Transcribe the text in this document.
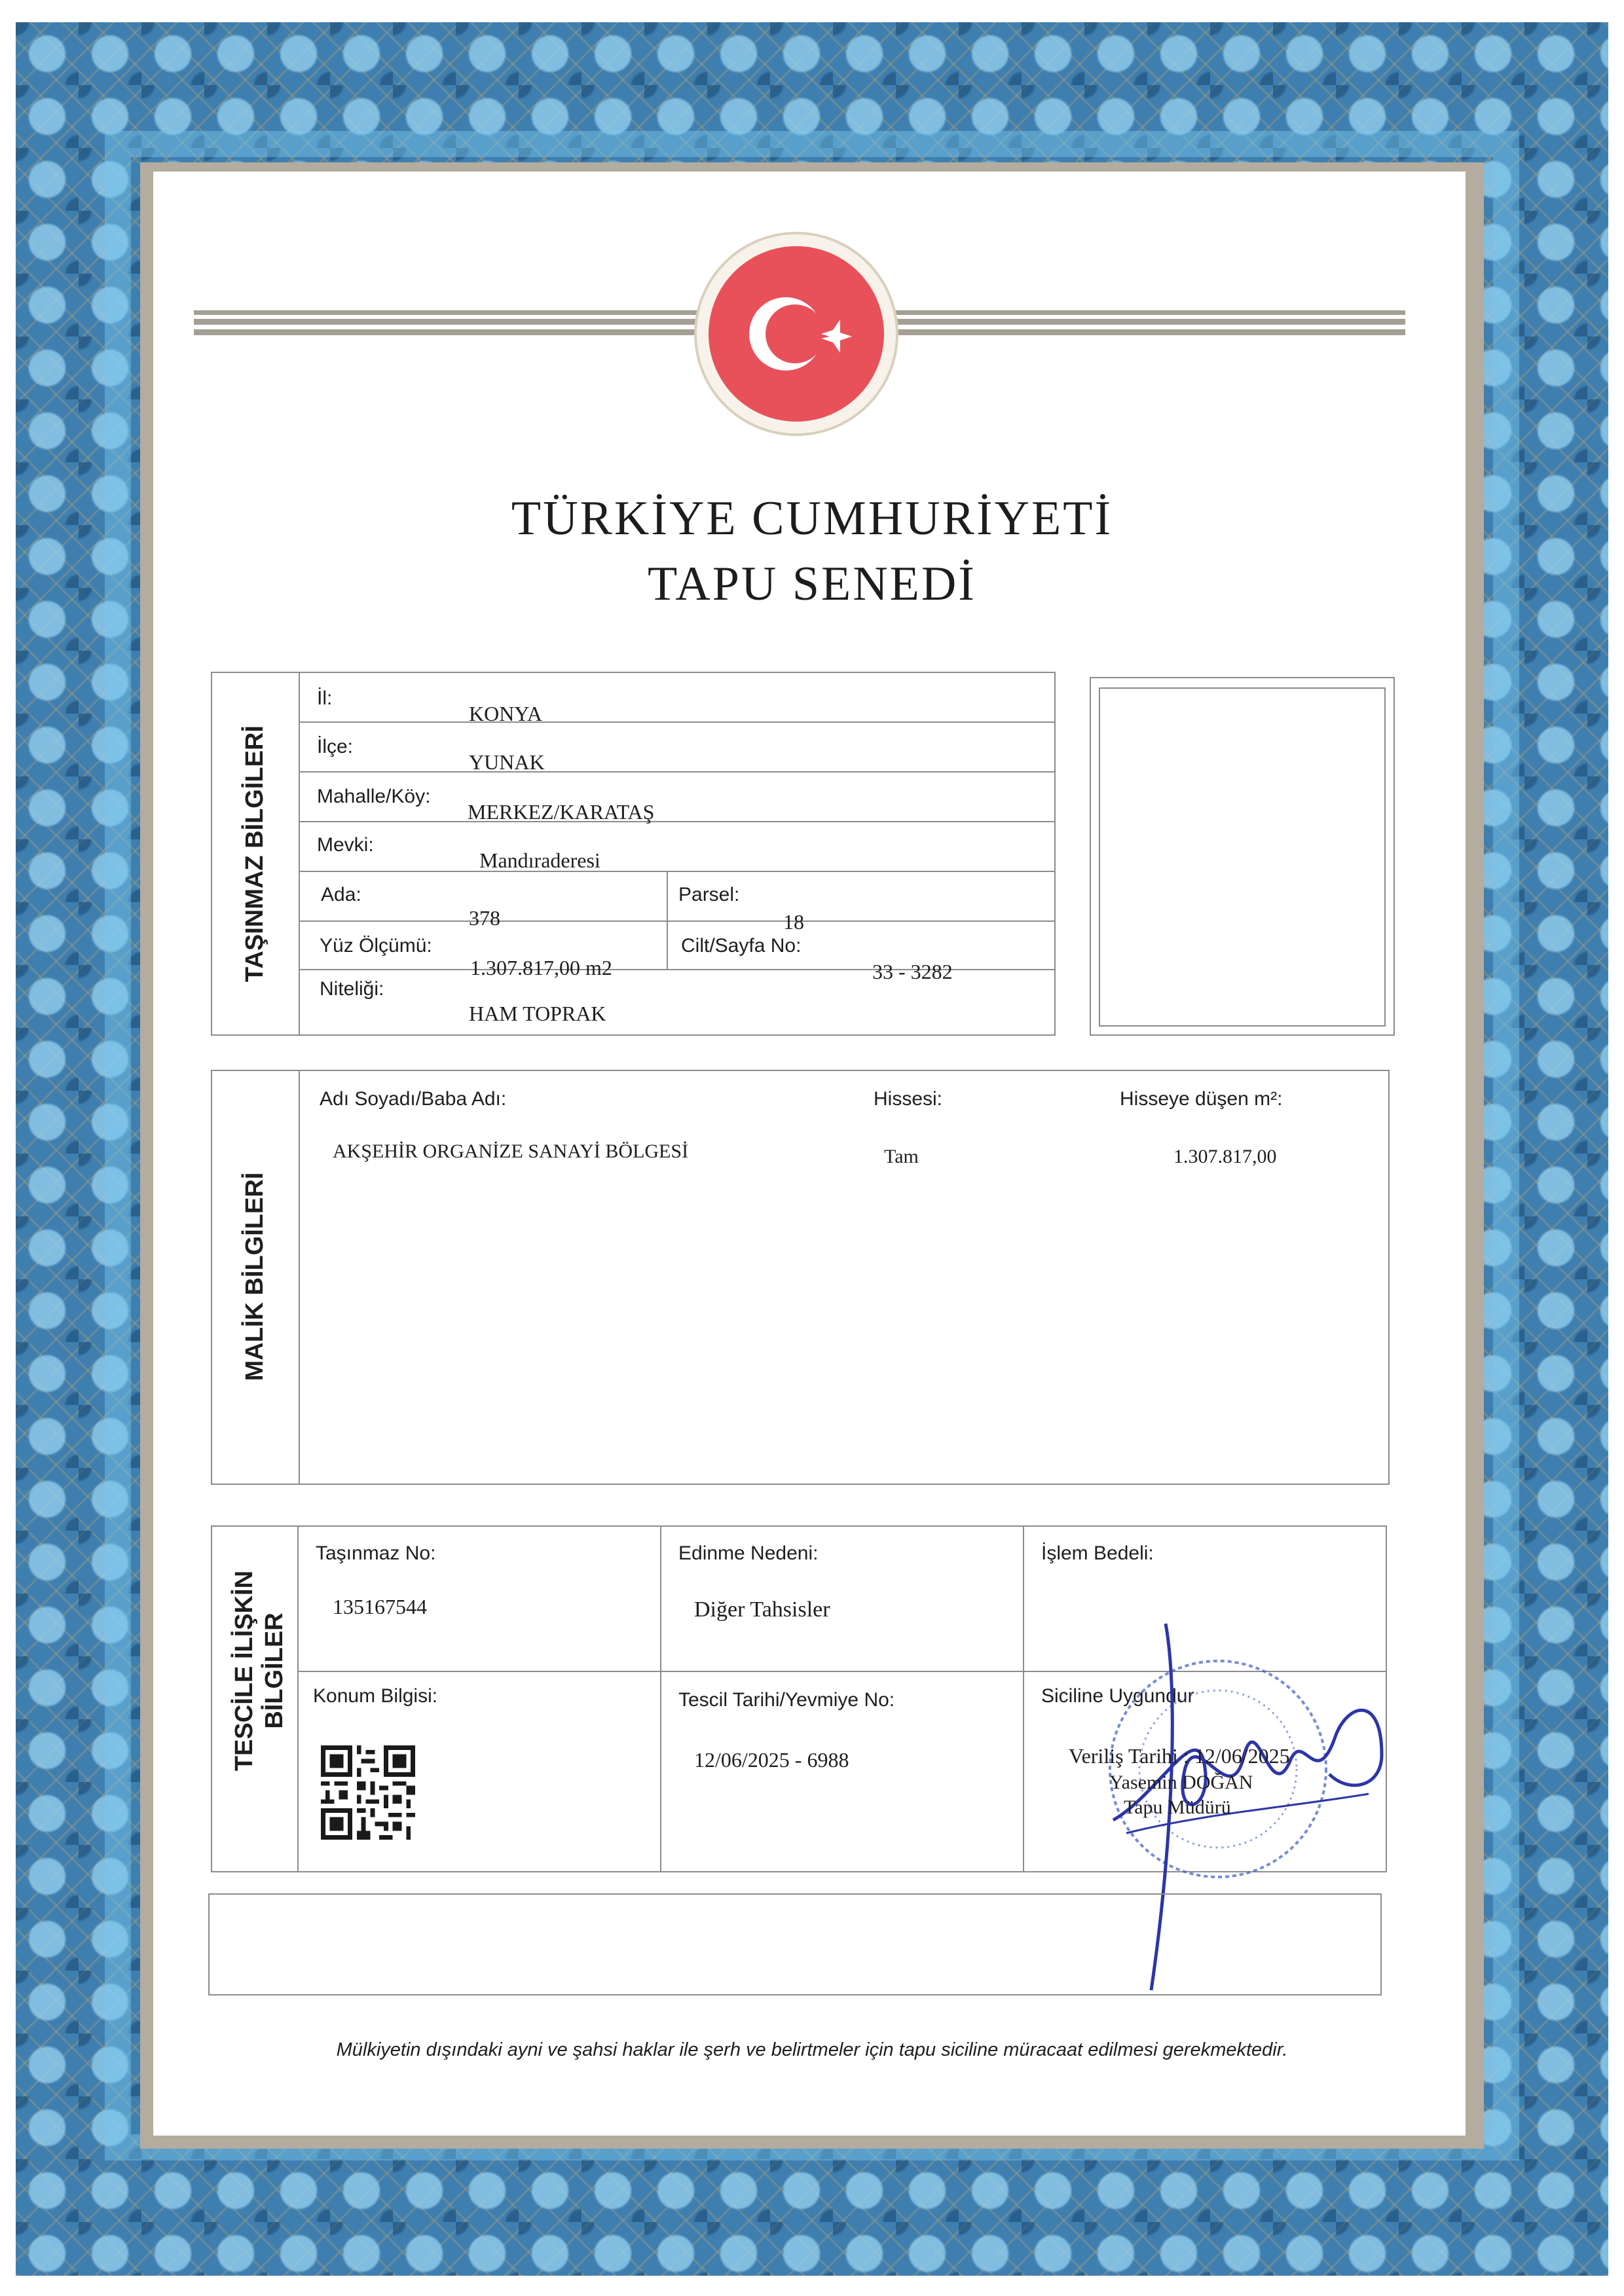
TÜRKİYE CUMHURİYETİ
TAPU SENEDİ
TAŞINMAZ BİLGİLERİ
İl:
KONYA
İlçe:
YUNAK
Mahalle/Köy:
MERKEZ/KARATAŞ
Mevki:
Mandıraderesi
Ada:
378
Parsel:
18
Yüz Ölçümü:
1.307.817,00 m2
Cilt/Sayfa No:
33 - 3282
Niteliği:
HAM TOPRAK
MALİK BİLGİLERİ
Adı Soyadı/Baba Adı:	Hissesi:	Hisseye düşen m²:
AKŞEHİR ORGANİZE SANAYİ BÖLGESİ	Tam	1.307.817,00
TESCİLE İLİŞKİN BİLGİLER
Taşınmaz No:
135167544
Edinme Nedeni:
Diğer Tahsisler
İşlem Bedeli:
Konum Bilgisi:	Tescil Tarihi/Yevmiye No:
12/06/2025 - 6988
Siciline Uygundur
Veriliş Tarihi : 12/06/2025
Yasemin DOĞAN
Tapu Müdürü
Mülkiyetin dışındaki ayni ve şahsi haklar ile şerh ve belirtmeler için tapu siciline müracaat edilmesi gerekmektedir.
